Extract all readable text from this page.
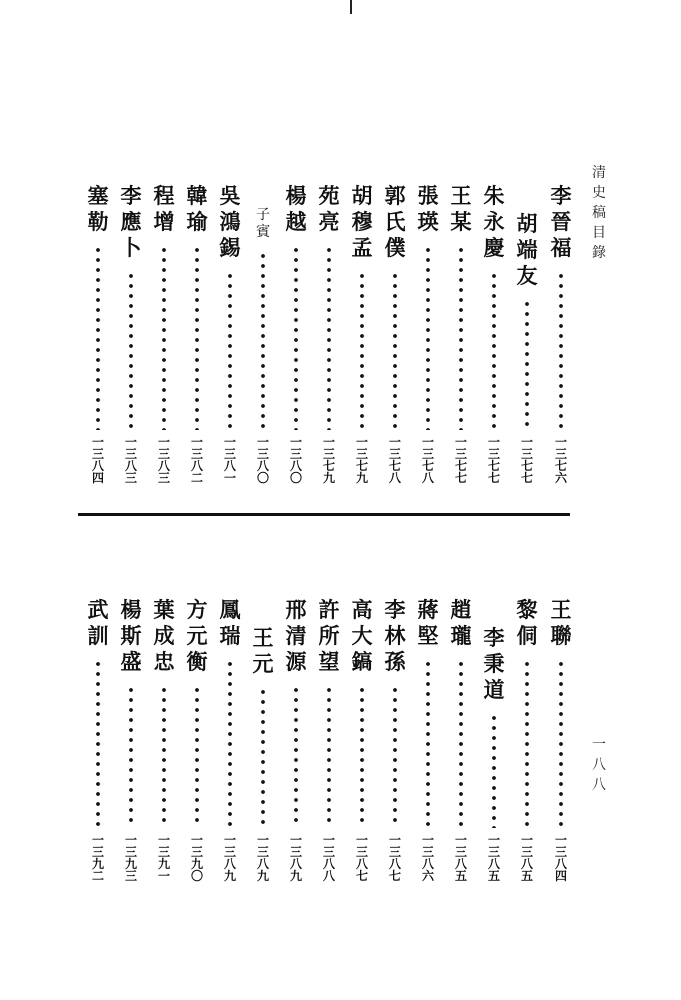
清
史
稿
目
錄
一
八
八
李
晉
福
一
三
七
六
胡
端
友
一
三
七
七
朱
永
慶
一
三
七
七
王
某
一
三
七
七
張
瑛
一
三
七
八
郭
氏
僕
一
三
七
八
胡
穆
孟
一
三
七
九
苑
亮
一
三
七
九
楊
越
一
三
八
〇
子
賓
一
三
八
〇
吳
鴻
錫
一
三
八
一
韓
瑜
一
三
八
二
程
增
一
三
八
三
李
應
卜
一
三
八
三
塞
勒
一
三
八
四
王
聯
一
三
八
四
黎
侗
一
三
八
五
李
秉
道
一
三
八
五
趙
瓏
一
三
八
五
蔣
堅
一
三
八
六
李
林
孫
一
三
八
七
高
大
鎬
一
三
八
七
許
所
望
一
三
八
八
邢
清
源
一
三
八
九
王
元
一
三
八
九
鳳
瑞
一
三
八
九
方
元
衡
一
三
九
〇
葉
成
忠
一
三
九
一
楊
斯
盛
一
三
九
三
武
訓
一
三
九
二
